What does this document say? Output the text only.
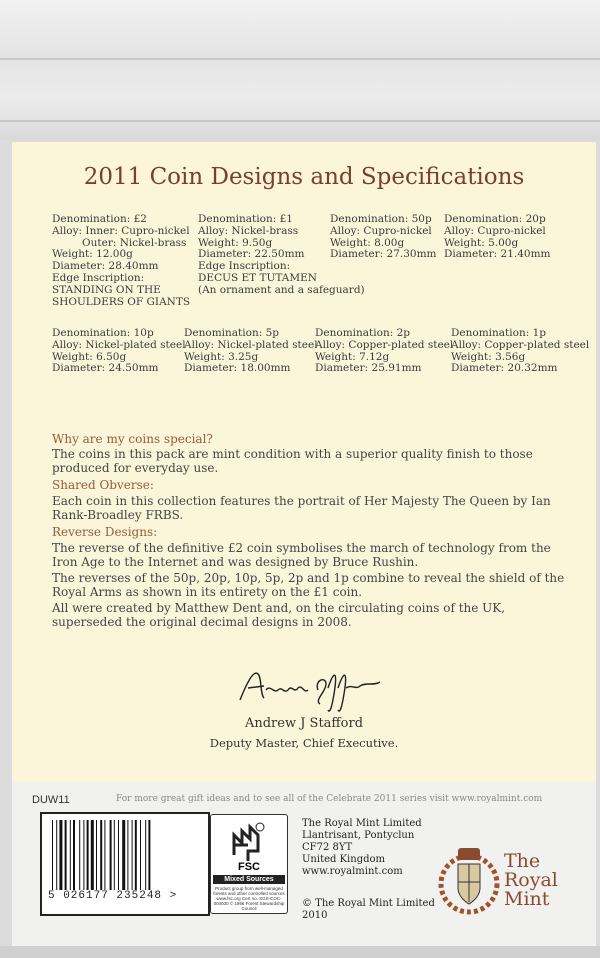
2011 Coin Designs and Specifications
Denomination: £2
Alloy: Inner: Cupro-nickel
Outer: Nickel-brass
Weight: 12.00g
Diameter: 28.40mm
Edge Inscription:
STANDING ON THE
SHOULDERS OF GIANTS
Denomination: £1
Alloy: Nickel-brass
Weight: 9.50g
Diameter: 22.50mm
Edge Inscription:
DECUS ET TUTAMEN
(An ornament and a safeguard)
Denomination: 50p
Alloy: Cupro-nickel
Weight: 8.00g
Diameter: 27.30mm
Denomination: 20p
Alloy: Cupro-nickel
Weight: 5.00g
Diameter: 21.40mm
Denomination: 10p
Alloy: Nickel-plated steel
Weight: 6.50g
Diameter: 24.50mm
Denomination: 5p
Alloy: Nickel-plated steel
Weight: 3.25g
Diameter: 18.00mm
Denomination: 2p
Alloy: Copper-plated steel
Weight: 7.12g
Diameter: 25.91mm
Denomination: 1p
Alloy: Copper-plated steel
Weight: 3.56g
Diameter: 20.32mm
Why are my coins special?
The coins in this pack are mint condition with a superior quality finish to those produced for everyday use.
Shared Obverse:
Each coin in this collection features the portrait of Her Majesty The Queen by Ian Rank-Broadley FRBS.
Reverse Designs:
The reverse of the definitive £2 coin symbolises the march of technology from the Iron Age to the Internet and was designed by Bruce Rushin.
The reverses of the 50p, 20p, 10p, 5p, 2p and 1p combine to reveal the shield of the Royal Arms as shown in its entirety on the £1 coin.
All were created by Matthew Dent and, on the circulating coins of the UK, superseded the original decimal designs in 2008.
Andrew J Stafford
Deputy Master, Chief Executive.
DUW11	For more great gift ideas and to see all of the Celebrate 2011 series visit www.royalmint.com
5 026177 235248 >
FSC
Mixed Sources
Product group from well-managed forests and other controlled sources www.fsc.org Cert no. SGS-COC-004030 © 1996 Forest Stewardship Council
The Royal Mint Limited
Llantrisant, Pontyclun
CF72 8YT
United Kingdom
www.royalmint.com
© The Royal Mint Limited
2010
The
Royal
Mint
